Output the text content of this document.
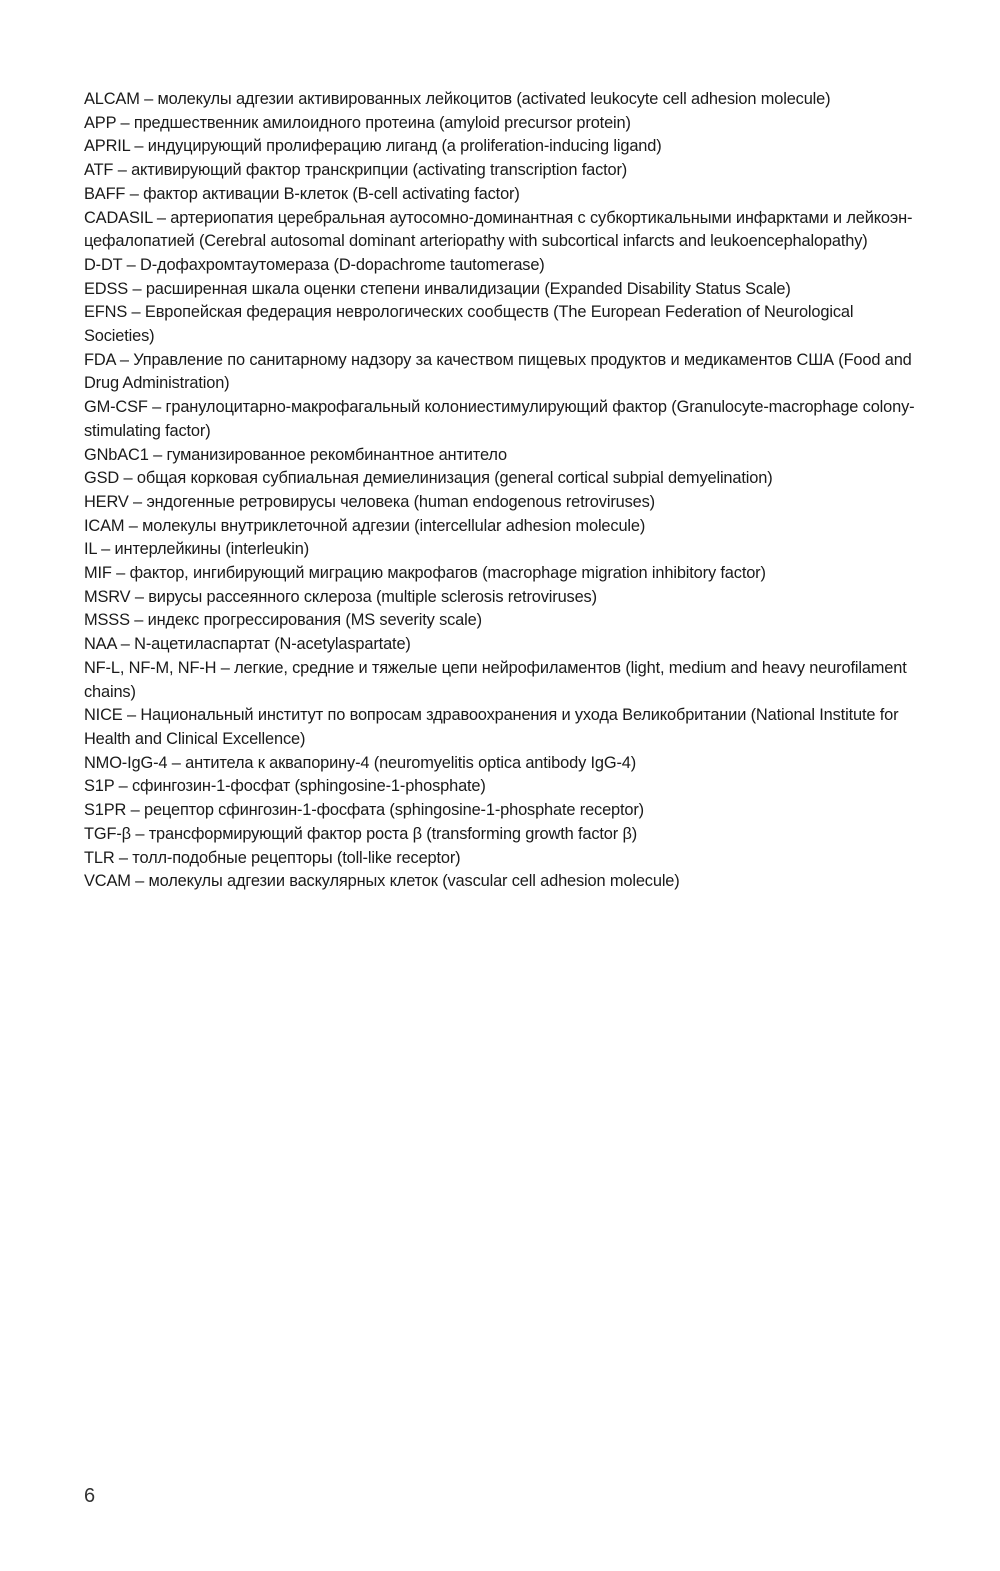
ALCAM – молекулы адгезии активированных лейкоцитов (activated leukocyte cell adhesion molecule)
APP – предшественник амилоидного протеина (amyloid precursor protein)
APRIL – индуцирующий пролиферацию лиганд (a proliferation-inducing ligand)
ATF – активирующий фактор транскрипции (activating transcription factor)
BAFF – фактор активации B-клеток (B-cell activating factor)
CADASIL – артериопатия церебральная аутосомно-доминантная с субкортикальными инфарктами и лейкоэн-цефалопатией (Cerebral autosomal dominant arteriopathy with subcortical infarcts and leukoencephalopathy)
D-DT – D-дофахромтаутомераза (D-dopachrome tautomerase)
EDSS – расширенная шкала оценки степени инвалидизации (Expanded Disability Status Scale)
EFNS – Европейская федерация неврологических сообществ (The European Federation of Neurological Societies)
FDA – Управление по санитарному надзору за качеством пищевых продуктов и медикаментов США (Food and Drug Administration)
GM-CSF – гранулоцитарно-макрофагальный колониестимулирующий фактор (Granulocyte-macrophage colony-stimulating factor)
GNbAC1 – гуманизированное рекомбинантное антитело
GSD – общая корковая субпиальная демиелинизация (general cortical subpial demyelination)
HERV – эндогенные ретровирусы человека (human endogenous retroviruses)
ICAM – молекулы внутриклеточной адгезии (intercellular adhesion molecule)
IL – интерлейкины (interleukin)
MIF – фактор, ингибирующий миграцию макрофагов (macrophage migration inhibitory factor)
MSRV – вирусы рассеянного склероза (multiple sclerosis retroviruses)
MSSS – индекс прогрессирования (MS severity scale)
NAA – N-ацетиласпартат (N-acetylaspartate)
NF-L, NF-M, NF-H – легкие, средние и тяжелые цепи нейрофиламентов (light, medium and heavy neurofilament chains)
NICE – Национальный институт по вопросам здравоохранения и ухода Великобритании (National Institute for Health and Clinical Excellence)
NMO-IgG-4 – антитела к аквапорину-4 (neuromyelitis optica antibody IgG-4)
S1P – сфингозин-1-фосфат (sphingosine-1-phosphate)
S1PR – рецептор сфингозин-1-фосфата (sphingosine-1-phosphate receptor)
TGF-β – трансформирующий фактор роста β (transforming growth factor β)
TLR – толл-подобные рецепторы (toll-like receptor)
VCAM – молекулы адгезии васкулярных клеток (vascular cell adhesion molecule)
6
